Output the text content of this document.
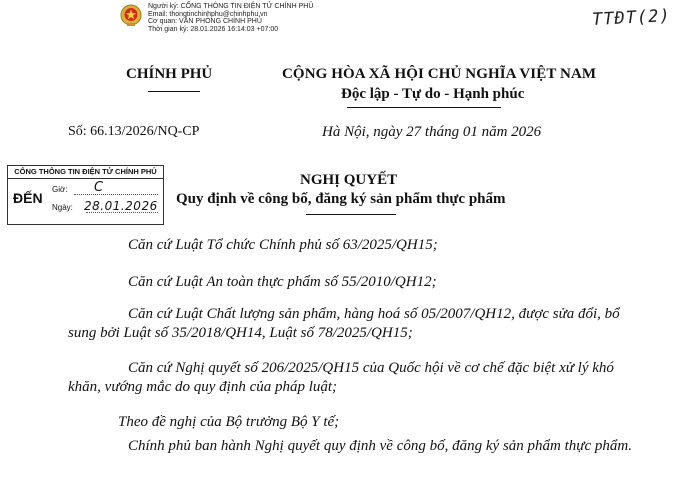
Người ký: CỔNG THÔNG TIN ĐIỆN TỬ CHÍNH PHỦ
Email: thongtinchinhphu@chinhphu.vn
Cơ quan: VĂN PHÒNG CHÍNH PHỦ
Thời gian ký: 28.01.2026 16:14:03 +07:00	TTĐT(2)
CHÍNH PHỦ	CỘNG HÒA XÃ HỘI CHỦ NGHĨA VIỆT NAM
Độc lập - Tự do - Hạnh phúc
Số: 66.13/2026/NQ-CP	Hà Nội, ngày 27 tháng 01 năm 2026
CỔNG THÔNG TIN ĐIỆN TỬ CHÍNH PHỦ
ĐẾN
Giờ: C
Ngày: 28.01.2026
NGHỊ QUYẾT
Quy định về công bố, đăng ký sản phẩm thực phẩm
Căn cứ Luật Tổ chức Chính phủ số 63/2025/QH15;
Căn cứ Luật An toàn thực phẩm số 55/2010/QH12;
Căn cứ Luật Chất lượng sản phẩm, hàng hoá số 05/2007/QH12, được sửa đổi, bổ sung bởi Luật số 35/2018/QH14, Luật số 78/2025/QH15;
Căn cứ Nghị quyết số 206/2025/QH15 của Quốc hội về cơ chế đặc biệt xử lý khó khăn, vướng mắc do quy định của pháp luật;
Theo đề nghị của Bộ trưởng Bộ Y tế;
Chính phủ ban hành Nghị quyết quy định về công bố, đăng ký sản phẩm thực phẩm.
